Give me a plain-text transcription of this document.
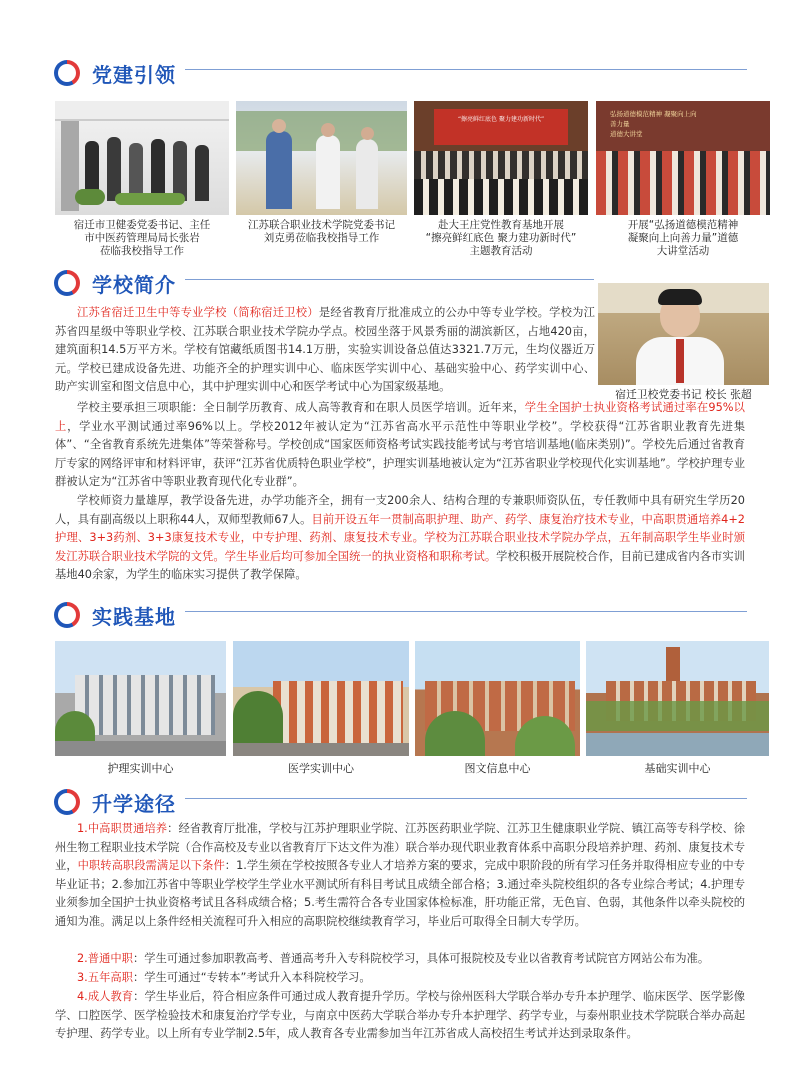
党建引领
宿迁市卫健委党委书记、主任
市中医药管理局局长张岩
莅临我校指导工作
江苏联合职业技术学院党委书记
刘克勇莅临我校指导工作
“擦亮鲜红底色 聚力建功新时代”
赴大王庄党性教育基地开展
“擦亮鲜红底色 聚力建功新时代”
主题教育活动
弘扬道德模范精神 凝聚向上向善力量
道德大讲堂
开展“弘扬道德模范精神
凝聚向上向善力量”道德
大讲堂活动
学校简介
宿迁卫校党委书记 校长 张超
江苏省宿迁卫生中等专业学校（简称宿迁卫校）是经省教育厅批准成立的公办中等专业学校。学校为江苏省四星级中等职业学校、江苏联合职业技术学院办学点。校园坐落于风景秀丽的湖滨新区，占地420亩，建筑面积14.5万平方米。学校有馆藏纸质图书14.1万册，实验实训设备总值达3321.7万元，生均仪器近万元。学校已建成设备先进、功能齐全的护理实训中心、临床医学实训中心、基础实验中心、药学实训中心、助产实训室和图文信息中心，其中护理实训中心和医学考试中心为国家级基地。
学校主要承担三项职能：全日制学历教育、成人高等教育和在职人员医学培训。近年来，学生全国护士执业资格考试通过率在95%以上，学业水平测试通过率96%以上。学校2012年被认定为“江苏省高水平示范性中等职业学校”。学校获得“江苏省职业教育先进集体”、“全省教育系统先进集体”等荣誉称号。学校创成“国家医师资格考试实践技能考试与考官培训基地(临床类别)”。学校先后通过省教育厅专家的网络评审和材料评审，获评“江苏省优质特色职业学校”，护理实训基地被认定为“江苏省职业学校现代化实训基地”。学校护理专业群被认定为“江苏省中等职业教育现代化专业群”。
学校师资力量雄厚，教学设备先进，办学功能齐全，拥有一支200余人、结构合理的专兼职师资队伍，专任教师中具有研究生学历20人，具有副高级以上职称44人，双师型教师67人。目前开设五年一贯制高职护理、助产、药学、康复治疗技术专业，中高职贯通培养4+2护理、3+3药剂、3+3康复技术专业，中专护理、药剂、康复技术专业。学校为江苏联合职业技术学院办学点，五年制高职学生毕业时颁发江苏联合职业技术学院的文凭。学生毕业后均可参加全国统一的执业资格和职称考试。学校积极开展院校合作，目前已建成省内各市实训基地40余家，为学生的临床实习提供了教学保障。
实践基地
护理实训中心	医学实训中心	图文信息中心	基础实训中心
升学途径
1.中高职贯通培养：经省教育厅批准，学校与江苏护理职业学院、江苏医药职业学院、江苏卫生健康职业学院、镇江高等专科学校、徐州生物工程职业技术学院（合作高校及专业以省教育厅下达文件为准）联合举办现代职业教育体系中高职分段培养护理、药剂、康复技术专业，中职转高职段需满足以下条件：1.学生须在学校按照各专业人才培养方案的要求，完成中职阶段的所有学习任务并取得相应专业的中专毕业证书；2.参加江苏省中等职业学校学生学业水平测试所有科目考试且成绩全部合格；3.通过牵头院校组织的各专业综合考试；4.护理专业须参加全国护士执业资格考试且各科成绩合格；5.考生需符合各专业国家体检标准，肝功能正常，无色盲、色弱，其他条件以牵头院校的通知为准。满足以上条件经相关流程可升入相应的高职院校继续教育学习，毕业后可取得全日制大专学历。
2.普通中职：学生可通过参加职教高考、普通高考升入专科院校学习，具体可报院校及专业以省教育考试院官方网站公布为准。
3.五年高职：学生可通过“专转本”考试升入本科院校学习。
4.成人教育：学生毕业后，符合相应条件可通过成人教育提升学历。学校与徐州医科大学联合举办专升本护理学、临床医学、医学影像学、口腔医学、医学检验技术和康复治疗学专业，与南京中医药大学联合举办专升本护理学、药学专业，与泰州职业技术学院联合举办高起专护理、药学专业。以上所有专业学制2.5年，成人教育各专业需参加当年江苏省成人高校招生考试并达到录取条件。
